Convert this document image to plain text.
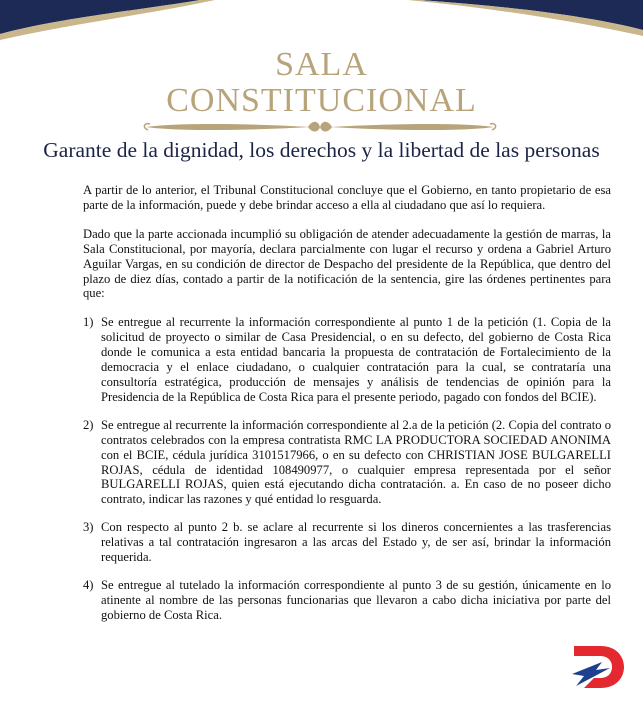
SALA
CONSTITUCIONAL
Garante de la dignidad, los derechos y la libertad de las personas

A partir de lo anterior, el Tribunal Constitucional concluye que el Gobierno, en tanto propietario de esa parte de la información, puede y debe brindar acceso a ella al ciudadano que así lo requiera.

Dado que la parte accionada incumplió su obligación de atender adecuadamente la gestión de marras, la Sala Constitucional, por mayoría, declara parcialmente con lugar el recurso y ordena a Gabriel Arturo Aguilar Vargas, en su condición de director de Despacho del presidente de la República, que dentro del plazo de diez días, contado a partir de la notificación de la sentencia, gire las órdenes pertinentes para que:

1) Se entregue al recurrente la información correspondiente al punto 1 de la petición (1. Copia de la solicitud de proyecto o similar de Casa Presidencial, o en su defecto, del gobierno de Costa Rica donde le comunica a esta entidad bancaria la propuesta de contratación de Fortalecimiento de la democracia y el enlace ciudadano, o cualquier contratación para la cual, se contrataría una consultoría estratégica, producción de mensajes y análisis de tendencias de opinión para la Presidencia de la República de Costa Rica para el presente periodo, pagado con fondos del BCIE).
2) Se entregue al recurrente la información correspondiente al 2.a de la petición (2. Copia del contrato o contratos celebrados con la empresa contratista RMC LA PRODUCTORA SOCIEDAD ANONIMA con el BCIE, cédula jurídica 3101517966, o en su defecto con CHRISTIAN JOSE BULGARELLI ROJAS, cédula de identidad 108490977, o cualquier empresa representada por el señor BULGARELLI ROJAS, quien está ejecutando dicha contratación. a. En caso de no poseer dicho contrato, indicar las razones y qué entidad lo resguarda.
3) Con respecto al punto 2 b. se aclare al recurrente si los dineros concernientes a las trasferencias relativas a tal contratación ingresaron a las arcas del Estado y, de ser así, brindar la información requerida.
4) Se entregue al tutelado la información correspondiente al punto 3 de su gestión, únicamente en lo atinente al nombre de las personas funcionarias que llevaron a cabo dicha iniciativa por parte del gobierno de Costa Rica.
